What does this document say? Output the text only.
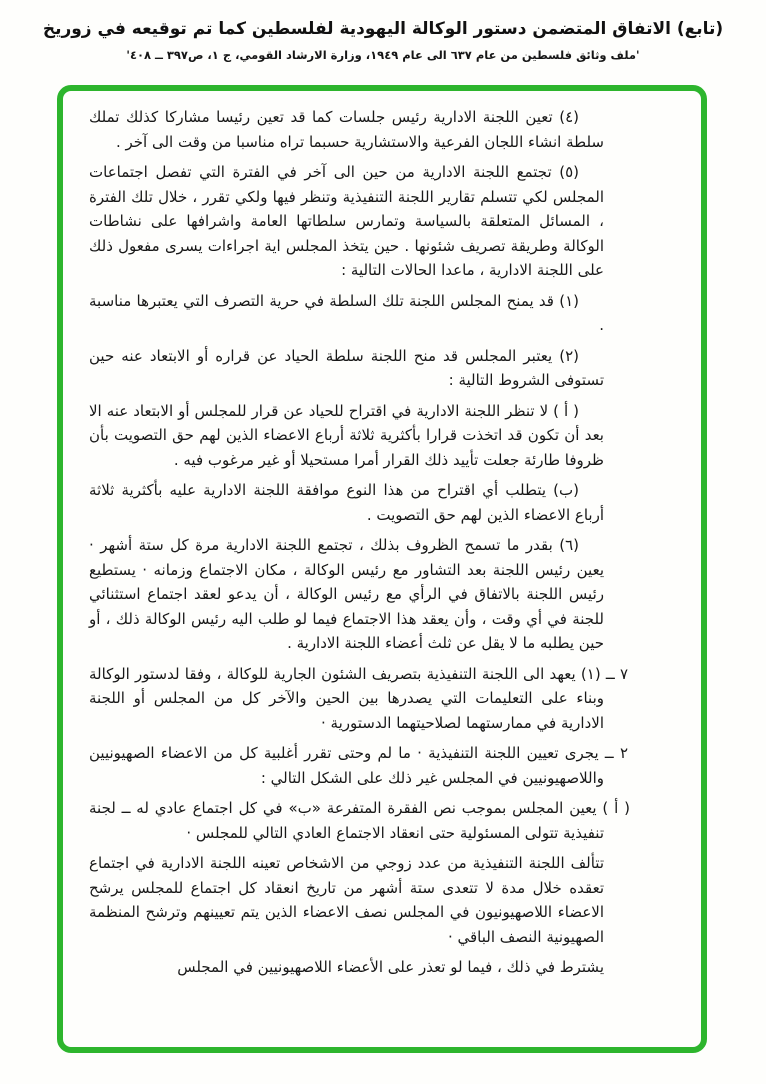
(تابع) الاتفاق المتضمن دستور الوكالة اليهودية لفلسطين كما تم توقيعه في زوريخ
'ملف وثائق فلسطين من عام ٦٣٧ الى عام ١٩٤٩، وزارة الارشاد القومي، ج ١، ص٣٩٧ ــ ٤٠٨'

(٤) تعين اللجنة الادارية رئيس جلسات كما قد تعين رئيسا مشاركا كذلك تملك سلطة انشاء اللجان الفرعية والاستشارية حسبما تراه مناسبا من وقت الى آخر .

(٥) تجتمع اللجنة الادارية من حين الى آخر في الفترة التي تفصل اجتماعات المجلس لكي تتسلم تقارير اللجنة التنفيذية وتنظر فيها ولكي تقرر ، خلال تلك الفترة ، المسائل المتعلقة بالسياسة وتمارس سلطاتها العامة واشرافها على نشاطات الوكالة وطريقة تصريف شئونها . حين يتخذ المجلس اية اجراءات يسرى مفعول ذلك على اللجنة الادارية ، ماعدا الحالات التالية :

(١) قد يمنح المجلس اللجنة تلك السلطة في حرية التصرف التي يعتبرها مناسبة .

(٢) يعتبر المجلس قد منح اللجنة سلطة الحياد عن قراره أو الابتعاد عنه حين تستوفى الشروط التالية :

( أ ) لا تنظر اللجنة الادارية في اقتراح للحياد عن قرار للمجلس أو الابتعاد عنه الا بعد أن تكون قد اتخذت قرارا بأكثرية ثلاثة أرباع الاعضاء الذين لهم حق التصويت بأن ظروفا طارئة جعلت تأييد ذلك القرار أمرا مستحيلا أو غير مرغوب فيه .

(ب) يتطلب أي اقتراح من هذا النوع موافقة اللجنة الادارية عليه بأكثرية ثلاثة أرباع الاعضاء الذين لهم حق التصويت .

(٦) بقدر ما تسمح الظروف بذلك ، تجتمع اللجنة الادارية مرة كل ستة أشهر · يعين رئيس اللجنة بعد التشاور مع رئيس الوكالة ، مكان الاجتماع وزمانه · يستطيع رئيس اللجنة بالاتفاق في الرأي مع رئيس الوكالة ، أن يدعو لعقد اجتماع استثنائي للجنة في أي وقت ، وأن يعقد هذا الاجتماع فيما لو طلب اليه رئيس الوكالة ذلك ، أو حين يطلبه ما لا يقل عن ثلث أعضاء اللجنة الادارية .

٧ ــ (١) يعهد الى اللجنة التنفيذية بتصريف الشئون الجارية للوكالة ، وفقا لدستور الوكالة وبناء على التعليمات التي يصدرها بين الحين والآخر كل من المجلس أو اللجنة الادارية في ممارستهما لصلاحيتهما الدستورية ·

٢ ــ يجرى تعيين اللجنة التنفيذية · ما لم وحتى تقرر أغلبية كل من الاعضاء الصهيونيين واللاصهيونيين في المجلس غير ذلك على الشكل التالي :

( أ ) يعين المجلس بموجب نص الفقرة المتفرعة «ب» في كل اجتماع عادي له ــ لجنة تنفيذية تتولى المسئولية حتى انعقاد الاجتماع العادي التالي للمجلس ·

تتألف اللجنة التنفيذية من عدد زوجي من الاشخاص تعينه اللجنة الادارية في اجتماع تعقده خلال مدة لا تتعدى ستة أشهر من تاريخ انعقاد كل اجتماع للمجلس يرشح الاعضاء اللاصهيونيون في المجلس نصف الاعضاء الذين يتم تعيينهم وترشح المنظمة الصهيونية النصف الباقي ·

يشترط في ذلك ، فيما لو تعذر على الأعضاء اللاصهيونيين في المجلس
